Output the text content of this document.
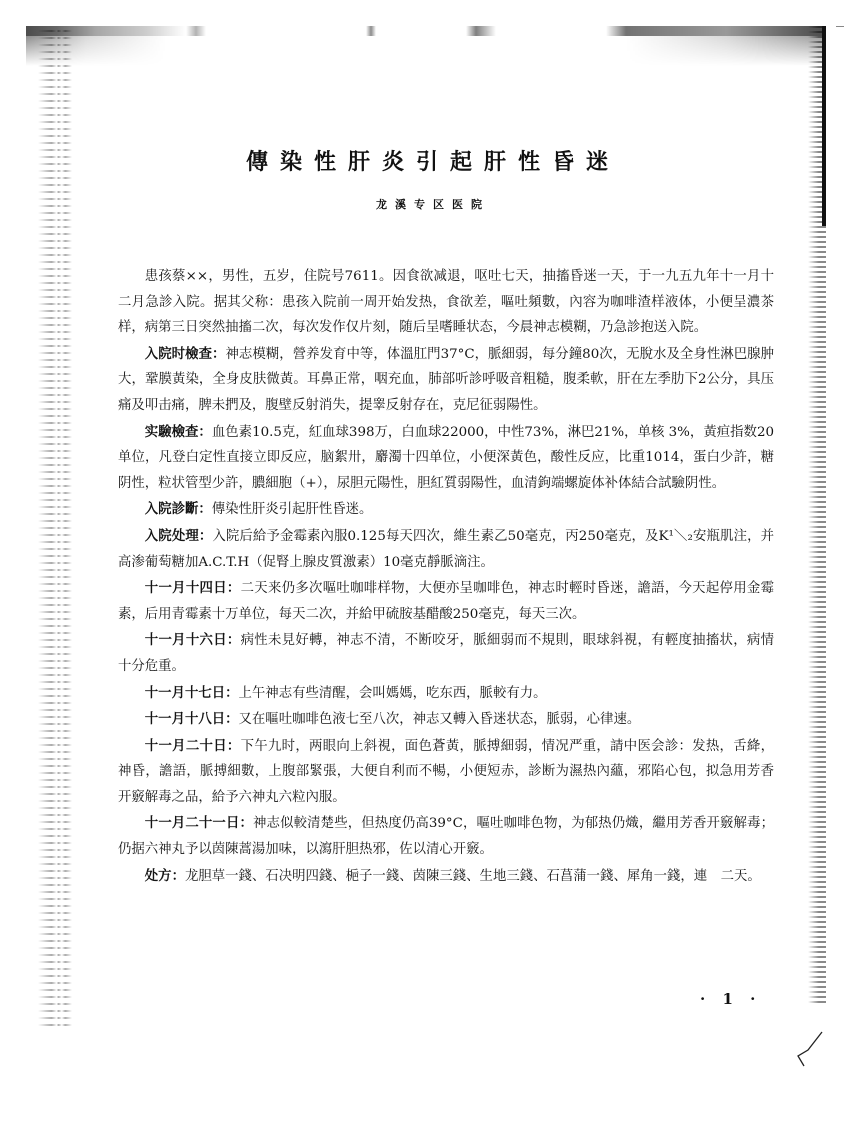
傳染性肝炎引起肝性昏迷
龙溪专区医院

患孩蔡××，男性，五岁，住院号7611。因食欲减退，呕吐七天，抽搐昏迷一天，于一九五九年十一月十二月急診入院。据其父称：患孩入院前一周开始发热，食欲差，嘔吐頻數，內容为咖啡渣样液体，小便呈濃茶样，病第三日突然抽搐二次，每次发作仅片刻，随后呈嗜睡状态，今晨神志模糊，乃急診抱送入院。

入院时檢查：神志模糊，營养发育中等，体溫肛門37°C，脈細弱，每分鐘80次，无脫水及全身性淋巴腺肿大，鞏膜黃染，全身皮肤微黃。耳鼻正常，咽充血，肺部听診呼吸音粗糙，腹柔軟，肝在左季肋下2公分，具压痛及叩击痛，脾未捫及，腹壁反射消失，提睾反射存在，克尼征弱陽性。

实驗檢查：血色素10.5克，紅血球398万，白血球22000，中性73%，淋巴21%，单核 3%，黃疸指数20单位，凡登白定性直接立即反应，脑絮卅，麝濁十四单位，小便深黃色，酸性反应，比重1014，蛋白少許，糖阴性，粒状管型少許，膿細胞（+），尿胆元陽性，胆紅質弱陽性，血清鉤端螺旋体补体結合試驗阴性。

入院診斷：傳染性肝炎引起肝性昏迷。

入院处理：入院后給予金霉素內服0.125每天四次，維生素乙50毫克，丙250毫克，及K¹＼₂安瓶肌注，并高渗葡萄糖加A.C.T.H（促腎上腺皮質激素）10毫克靜脈滴注。

十一月十四日：二天来仍多次嘔吐咖啡样物，大便亦呈咖啡色，神志时輕时昏迷，譫語，今天起停用金霉素，后用青霉素十万单位，每天二次，并給甲硫胺基醋酸250毫克，每天三次。

十一月十六日：病性未見好轉，神志不清，不断咬牙，脈細弱而不規則，眼球斜視，有輕度抽搐状，病情十分危重。

十一月十七日：上午神志有些清醒，会叫媽媽，吃东西，脈較有力。

十一月十八日：又在嘔吐咖啡色液七至八次，神志又轉入昏迷状态，脈弱，心律速。

十一月二十日：下午九时，两眼向上斜視，面色蒼黃，脈搏細弱，情况严重，請中医会診：发热，舌絳，神昏，譫語，脈搏細數，上腹部緊張，大便自利而不暢，小便短赤，診断为濕热內蘊，邪陷心包，拟急用芳香开竅解毒之品，給予六神丸六粒內服。

十一月二十一日：神志似較清楚些，但热度仍高39°C，嘔吐咖啡色物，为郁热仍熾，繼用芳香开竅解毒；仍据六神丸予以茵陳蒿湯加味，以瀉肝胆热邪，佐以清心开竅。

处方：龙胆草一錢、石决明四錢、梔子一錢、茵陳三錢、生地三錢、石菖蒲一錢、犀角一錢，連　二天。

· 1 ·
